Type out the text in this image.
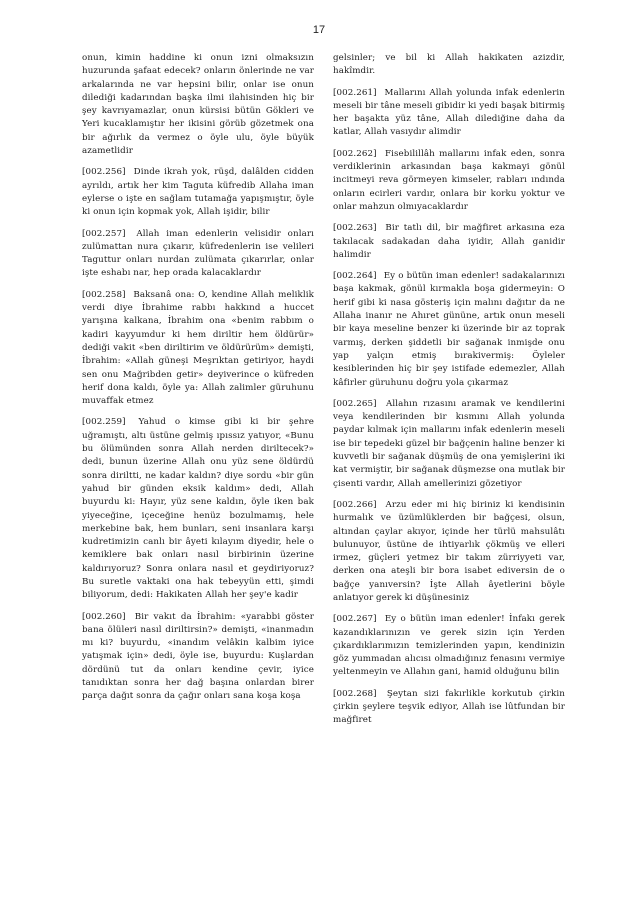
17

onun, kimin haddine ki onun izni olmaksızın huzurunda şafaat edecek? onların önlerinde ne var arkalarında ne var hepsini bilir, onlar ise onun dilediği kadarından başka ilmi ilahisinden hiç bir şey kavrıyamazlar, onun kürsisi bütün Gökleri ve Yeri kucaklamıştır her ikisini görüb gözetmek ona bir ağırlık da vermez o öyle ulu, öyle büyük azametlidir

[002.256] Dinde ikrah yok, rüşd, dalâlden cidden ayrıldı, artık her kim Taguta küfredib Allaha iman eylerse o işte en sağlam tutamağa yapışmıştır, öyle ki onun için kopmak yok, Allah işidir, bilir

[002.257] Allah iman edenlerin velisidir onları zulümattan nura çıkarır, küfredenlerin ise velileri Taguttur onları nurdan zulümata çıkarırlar, onlar işte eshabı nar, hep orada kalacaklardır

[002.258] Baksanâ ona: O, kendine Allah meliklik verdi diye İbrahime rabbı hakkınd a huccet yarışına kalkana, İbrahim ona «benim rabbım o kadiri kayyumdur ki hem diriltir hem öldürür» dediği vakit «ben diriltirim ve öldürürüm» demişti, İbrahim: «Allah güneşi Meşrıktan getiriyor, haydi sen onu Mağribden getir» deyiverince o küfreden herif dona kaldı, öyle ya: Allah zalimler güruhunu muvaffak etmez

[002.259] Yahud o kimse gibi ki bir şehre uğramıştı, altı üstüne gelmiş ıpıssız yatıyor, «Bunu bu ölümünden sonra Allah nerden diriltecek?» dedi, bunun üzerine Allah onu yüz sene öldürdü sonra diriltti, ne kadar kaldın? diye sordu «bir gün yahud bir günden eksik kaldım» dedi, Allah buyurdu ki: Hayır, yüz sene kaldın, öyle iken bak yiyeceğine, içeceğine henüz bozulmamış, hele merkebine bak, hem bunları, seni insanlara karşı kudretimizin canlı bir âyeti kılayım diyedir, hele o kemiklere bak onları nasıl birbirinin üzerine kaldırıyoruz? Sonra onlara nasıl et geydiriyoruz? Bu suretle vaktaki ona hak tebeyyün etti, şimdi biliyorum, dedi: Hakikaten Allah her şey'e kadir

[002.260] Bir vakıt da İbrahim: «yarabbi göster bana ölüleri nasıl diriltirsin?» demişti, «inanmadın mı ki? buyurdu, «inandım velâkin kalbim iyice yatışmak için» dedi, öyle ise, buyurdu: Kuşlardan dördünü tut da onları kendine çevir, iyice tanıdıktan sonra her dağ başına onlardan birer parça dağıt sonra da çağır onları sana koşa koşa

gelsinler; ve bil ki Allah hakikaten azizdir, hakîmdir.

[002.261] Mallarını Allah yolunda infak edenlerin meseli bir tâne meseli gibidir ki yedi başak bitirmiş her başakta yüz tâne, Allah dilediğine daha da katlar, Allah vasıydır alimdir

[002.262] Fisebilillâh mallarını infak eden, sonra verdiklerinin arkasından başa kakmayi gönül incitmeyi reva görmeyen kimseler, rabları ındında onların ecirleri vardır, onlara bir korku yoktur ve onlar mahzun olmıyacaklardır

[002.263] Bir tatlı dil, bir mağfiret arkasına eza takılacak sadakadan daha iyidir, Allah ganidir halimdir

[002.264] Ey o bütün iman edenler! sadakalarınızı başa kakmak, gönül kırmakla boşa gidermeyin: O herif gibi ki nasa gösteriş için malını dağıtır da ne Allaha inanır ne Ahıret gününe, artık onun meseli bir kaya meseline benzer ki üzerinde bir az toprak varmış, derken şiddetli bir sağanak inmişde onu yap yalçın etmiş bırakivermiş: Öyleler kesiblerinden hiç bir şey istifade edemezler, Allah kâfirler güruhunu doğru yola çıkarmaz

[002.265] Allahın rızasını aramak ve kendilerini veya kendilerinden bir kısmını Allah yolunda paydar kılmak için mallarını infak edenlerin meseli ise bir tepedeki güzel bir bağçenin haline benzer ki kuvvetli bir sağanak düşmüş de ona yemişlerini iki kat vermiştir, bir sağanak düşmezse ona mutlak bir çisenti vardır, Allah amellerinizi gözetiyor

[002.266] Arzu eder mi hiç biriniz ki kendisinin hurmalık ve üzümlüklerden bir bağçesi, olsun, altından çaylar akıyor, içinde her türlü mahsulâtı bulunuyor, üstüne de ihtiyarlık çökmüş ve elleri irmez, güçleri yetmez bir takım zürriyyeti var, derken ona ateşli bir bora isabet ediversin de o bağçe yanıversin? İşte Allah âyetlerini böyle anlatıyor gerek ki düşünesiniz

[002.267] Ey o bütün iman edenler! İnfakı gerek kazandıklarınızın ve gerek sizin için Yerden çıkardıklarımızın temizlerinden yapın, kendinizin göz yummadan alıcısı olmadığınız fenasını vermiye yeltenmeyin ve Allahın gani, hamid olduğunu bilin

[002.268] Şeytan sizi fakırlikle korkutub çirkin çirkin şeylere teşvik ediyor, Allah ise lûtfundan bir mağfiret
